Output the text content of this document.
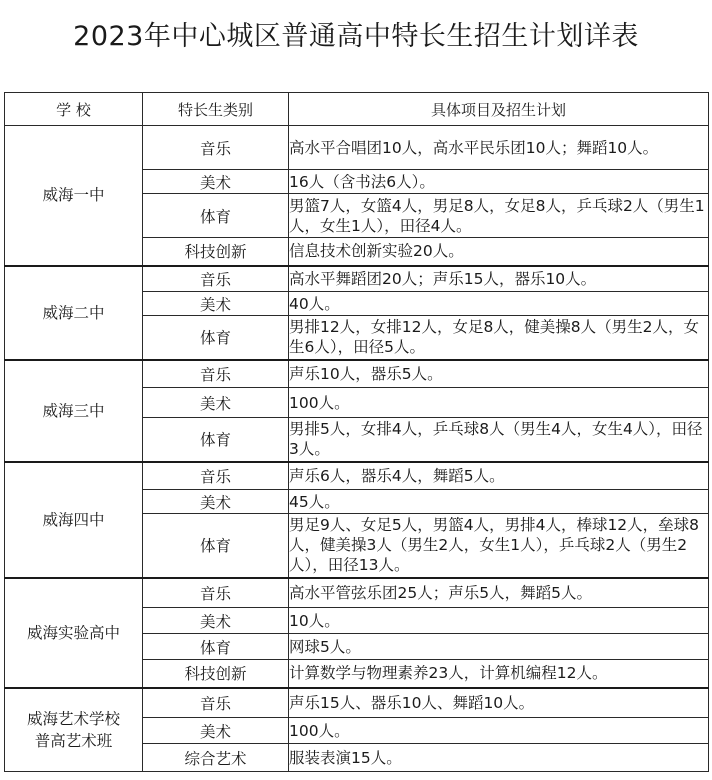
2023年中心城区普通高中特长生招生计划详表
学 校	特长生类别	具体项目及招生计划
威海一中	音乐	高水平合唱团10人，高水平民乐团10人；舞蹈10人。
	美术	16人（含书法6人）。
	体育	男篮7人，女篮4人，男足8人，女足8人，乒乓球2人（男生1人，女生1人），田径4人。
	科技创新	信息技术创新实验20人。
威海二中	音乐	高水平舞蹈团20人；声乐15人，器乐10人。
	美术	40人。
	体育	男排12人，女排12人，女足8人，健美操8人（男生2人，女生6人），田径5人。
威海三中	音乐	声乐10人，器乐5人。
	美术	100人。
	体育	男排5人，女排4人，乒乓球8人（男生4人，女生4人），田径3人。
威海四中	音乐	声乐6人，器乐4人，舞蹈5人。
	美术	45人。
	体育	男足9人、女足5人，男篮4人，男排4人，棒球12人，垒球8人，健美操3人（男生2人，女生1人），乒乓球2人（男生2人），田径13人。
威海实验高中	音乐	高水平管弦乐团25人；声乐5人，舞蹈5人。
	美术	10人。
	体育	网球5人。
	科技创新	计算数学与物理素养23人，计算机编程12人。
威海艺术学校
普高艺术班	音乐	声乐15人、器乐10人、舞蹈10人。
	美术	100人。
	综合艺术	服装表演15人。
